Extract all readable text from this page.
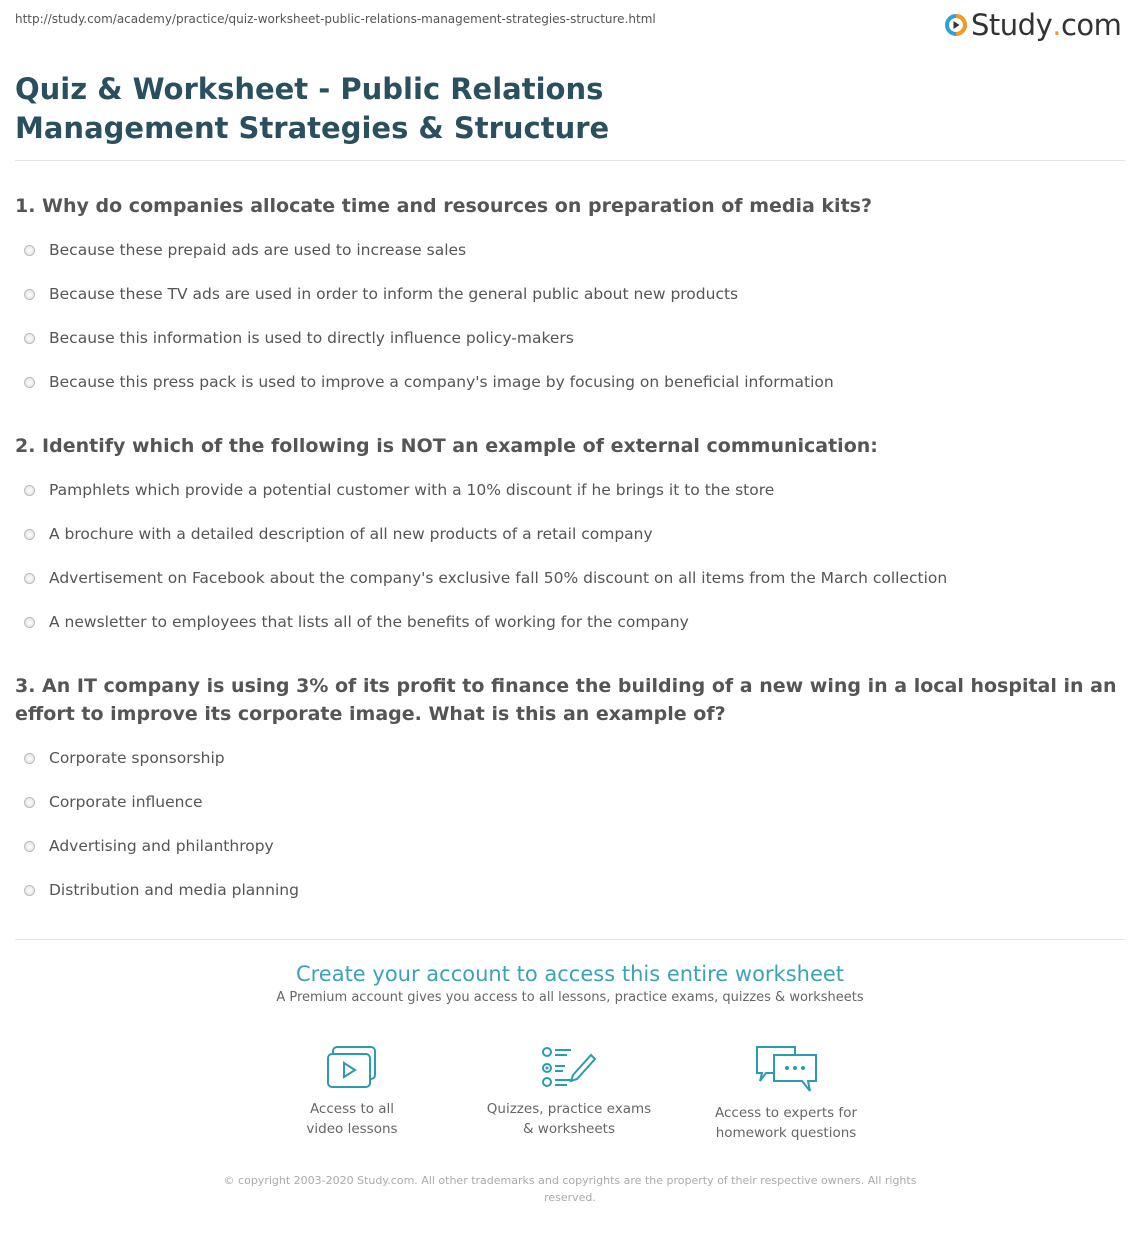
http://study.com/academy/practice/quiz-worksheet-public-relations-management-strategies-structure.html	Study . com
Quiz & Worksheet - Public Relations Management Strategies & Structure
1. Why do companies allocate time and resources on preparation of media kits?
Because these prepaid ads are used to increase sales
Because these TV ads are used in order to inform the general public about new products
Because this information is used to directly influence policy-makers
Because this press pack is used to improve a company's image by focusing on beneficial information
2. Identify which of the following is NOT an example of external communication:
Pamphlets which provide a potential customer with a 10% discount if he brings it to the store
A brochure with a detailed description of all new products of a retail company
Advertisement on Facebook about the company's exclusive fall 50% discount on all items from the March collection
A newsletter to employees that lists all of the benefits of working for the company
3. An IT company is using 3% of its profit to finance the building of a new wing in a local hospital in an effort to improve its corporate image. What is this an example of?
Corporate sponsorship
Corporate influence
Advertising and philanthropy
Distribution and media planning
Create your account to access this entire worksheet

A Premium account gives you access to all lessons, practice exams, quizzes & worksheets

Access to all
video lessons
Quizzes, practice exams
& worksheets
Access to experts for
homework questions
© copyright 2003-2020 Study.com. All other trademarks and copyrights are the property of their respective owners. All rights reserved.
